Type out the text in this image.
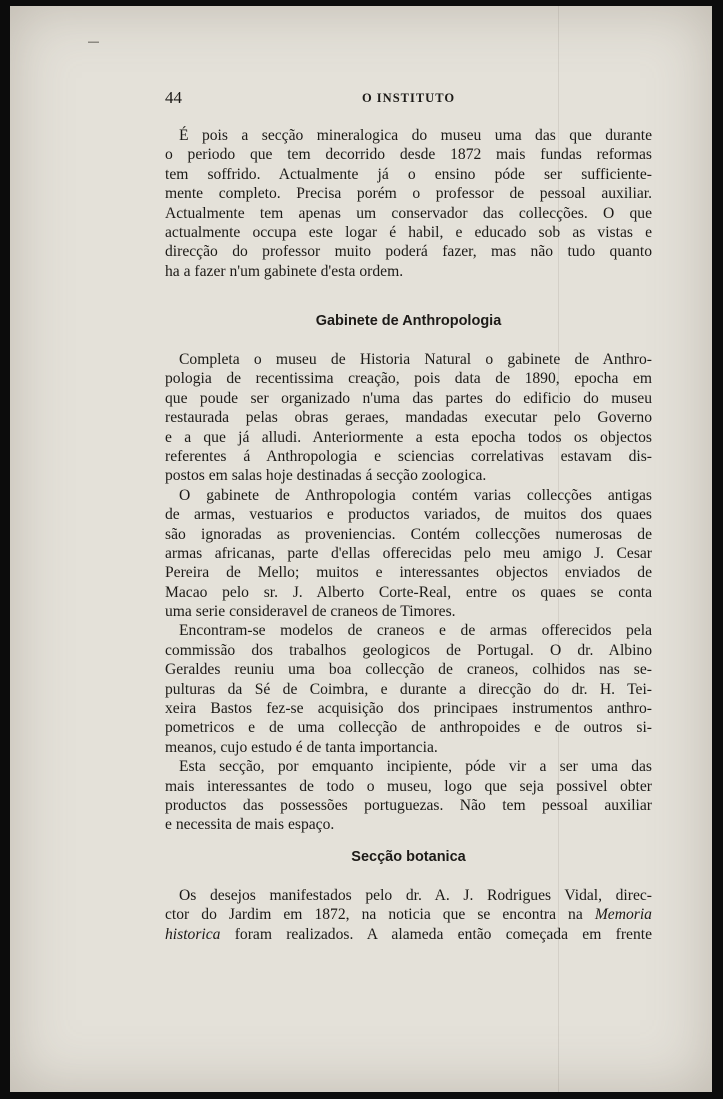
—
44	O INSTITUTO
É pois a secção mineralogica do museu uma das que durante
o periodo que tem decorrido desde 1872 mais fundas reformas
tem soffrido. Actualmente já o ensino póde ser sufficiente-
mente completo. Precisa porém o professor de pessoal auxiliar.
Actualmente tem apenas um conservador das collecções. O que
actualmente occupa este logar é habil, e educado sob as vistas e
direcção do professor muito poderá fazer, mas não tudo quanto
ha a fazer n'um gabinete d'esta ordem.
Gabinete de Anthropologia
Completa o museu de Historia Natural o gabinete de Anthro-
pologia de recentissima creação, pois data de 1890, epocha em
que poude ser organizado n'uma das partes do edificio do museu
restaurada pelas obras geraes, mandadas executar pelo Governo
e a que já alludi. Anteriormente a esta epocha todos os objectos
referentes á Anthropologia e sciencias correlativas estavam dis-
postos em salas hoje destinadas á secção zoologica.
O gabinete de Anthropologia contém varias collecções antigas
de armas, vestuarios e productos variados, de muitos dos quaes
são ignoradas as proveniencias. Contém collecções numerosas de
armas africanas, parte d'ellas offerecidas pelo meu amigo J. Cesar
Pereira de Mello; muitos e interessantes objectos enviados de
Macao pelo sr. J. Alberto Corte-Real, entre os quaes se conta
uma serie consideravel de craneos de Timores.
Encontram-se modelos de craneos e de armas offerecidos pela
commissão dos trabalhos geologicos de Portugal. O dr. Albino
Geraldes reuniu uma boa collecção de craneos, colhidos nas se-
pulturas da Sé de Coimbra, e durante a direcção do dr. H. Tei-
xeira Bastos fez-se acquisição dos principaes instrumentos anthro-
pometricos e de uma collecção de anthropoides e de outros si-
meanos, cujo estudo é de tanta importancia.
Esta secção, por emquanto incipiente, póde vir a ser uma das
mais interessantes de todo o museu, logo que seja possivel obter
productos das possessões portuguezas. Não tem pessoal auxiliar
e necessita de mais espaço.
Secção botanica
Os desejos manifestados pelo dr. A. J. Rodrigues Vidal, direc-
ctor do Jardim em 1872, na noticia que se encontra na Memoria
historica foram realizados. A alameda então começada em frente
